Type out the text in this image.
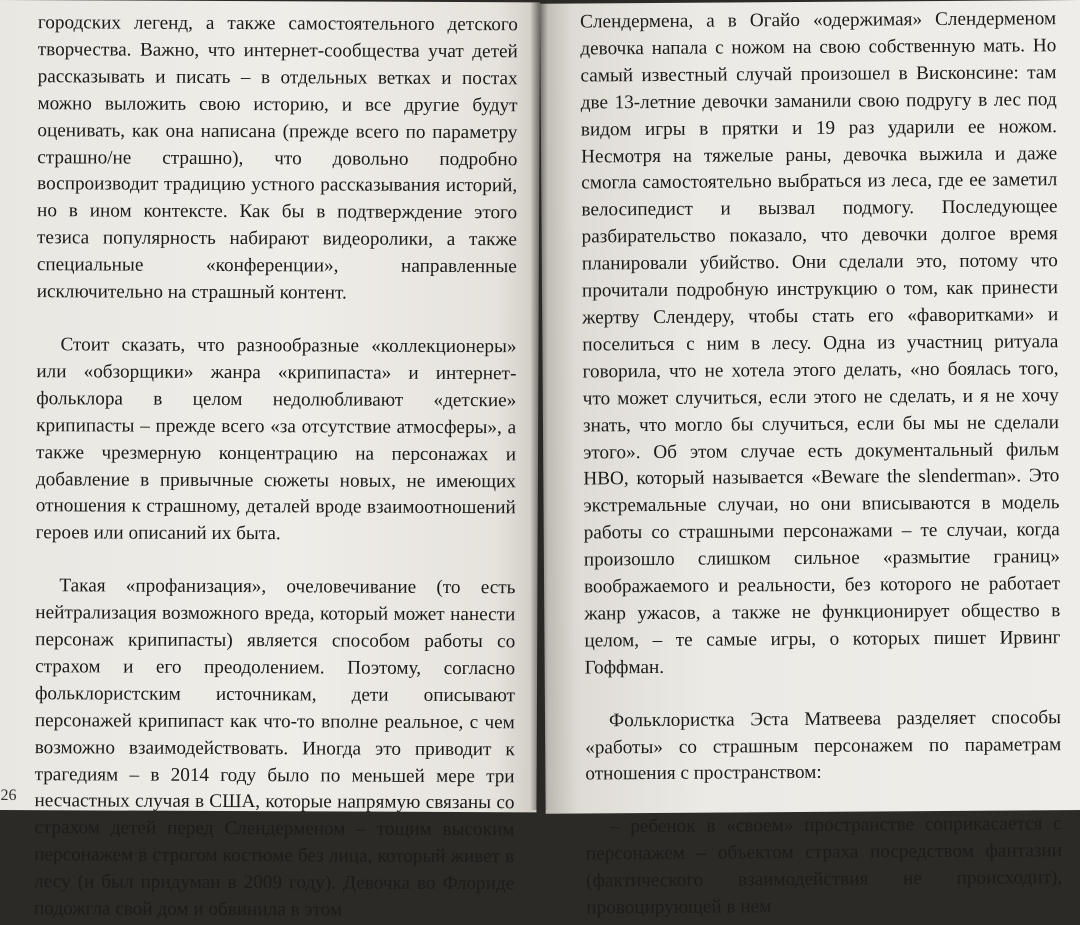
городских легенд, а также самостоятельного детского творчества. Важно, что интернет-сообщества учат детей рассказывать и писать – в отдельных ветках и постах можно выложить свою историю, и все другие будут оценивать, как она написана (прежде всего по параметру страшно/не страшно), что довольно подробно воспроизводит традицию устного рассказывания историй, но в ином контексте. Как бы в подтверждение этого тезиса популярность набирают видеоролики, а также специальные «конференции», направленные исключительно на страшный контент.

Стоит сказать, что разнообразные «коллекционеры» или «обзорщики» жанра «крипипаста» и интернет-фольклора в целом недолюбливают «детские» крипипасты – прежде всего «за отсутствие атмосферы», а также чрезмерную концентрацию на персонажах и добавление в привычные сюжеты новых, не имеющих отношения к страшному, деталей вроде взаимоотношений героев или описаний их быта.

Такая «профанизация», очеловечивание (то есть нейтрализация возможного вреда, который может нанести персонаж крипипасты) является способом работы со страхом и его преодолением. Поэтому, согласно фольклористским источникам, дети описывают персонажей крипипаст как что-то вполне реальное, с чем возможно взаимодействовать. Иногда это приводит к трагедиям – в 2014 году было по меньшей мере три несчастных случая в США, которые напрямую связаны со страхом детей перед Слендерменом – тощим высоким персонажем в строгом костюме без лица, который живет в лесу (и был придуман в 2009 году). Девочка во Флориде подожгла свой дом и обвинила в этом

26

Слендермена, а в Огайо «одержимая» Слендерменом девочка напала с ножом на свою собственную мать. Но самый известный случай произошел в Висконсине: там две 13-летние девочки заманили свою подругу в лес под видом игры в прятки и 19 раз ударили ее ножом. Несмотря на тяжелые раны, девочка выжила и даже смогла самостоятельно выбраться из леса, где ее заметил велосипедист и вызвал подмогу. Последующее разбирательство показало, что девочки долгое время планировали убийство. Они сделали это, потому что прочитали подробную инструкцию о том, как принести жертву Слендеру, чтобы стать его «фаворитками» и поселиться с ним в лесу. Одна из участниц ритуала говорила, что не хотела этого делать, «но боялась того, что может случиться, если этого не сделать, и я не хочу знать, что могло бы случиться, если бы мы не сделали этого». Об этом случае есть документальный фильм HBO, который называется «Beware the slenderman». Это экстремальные случаи, но они вписываются в модель работы со страшными персонажами – те случаи, когда произошло слишком сильное «размытие границ» воображаемого и реальности, без которого не работает жанр ужасов, а также не функционирует общество в целом, – те самые игры, о которых пишет Ирвинг Гоффман.

Фольклористка Эста Матвеева разделяет способы «работы» со страшным персонажем по параметрам отношения с пространством:

– ребенок в «своем» пространстве соприкасается с персонажем – объектом страха посредством фантазии (фактического взаимодействия не происходит), провоцирующей в нем
